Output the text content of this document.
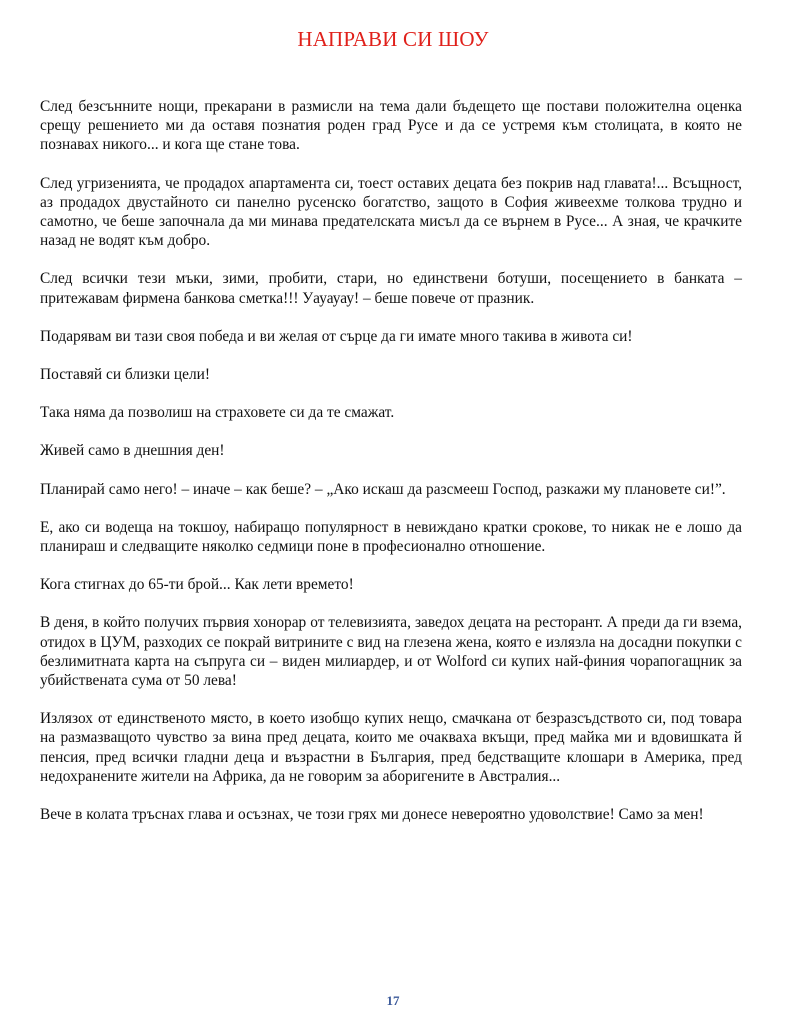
НАПРАВИ СИ ШОУ

След безсънните нощи, прекарани в размисли на тема дали бъдещето ще постави положителна оценка срещу решението ми да оставя познатия роден град Русе и да се устремя към столицата, в която не познавах никого... и кога ще стане това.

След угризенията, че продадох апартамента си, тоест оставих децата без покрив над главата!... Всъщност, аз продадох двустайното си панелно русенско богатство, защото в София живеехме толкова трудно и самотно, че беше започнала да ми минава предателската мисъл да се върнем в Русе... А зная, че крачките назад не водят към добро.

След всички тези мъки, зими, пробити, стари, но единствени ботуши, посещението в банката – притежавам фирмена банкова сметка!!! Уауауау! – беше повече от празник.

Подарявам ви тази своя победа и ви желая от сърце да ги имате много такива в живота си!

Поставяй си близки цели!

Така няма да позволиш на страховете си да те смажат.

Живей само в днешния ден!

Планирай само него! – иначе – как беше? – „Ако искаш да разсмееш Господ, разкажи му плановете си!”.

Е, ако си водеща на токшоу, набиращо популярност в невиждано кратки срокове, то никак не е лошо да планираш и следващите няколко седмици поне в професионално отношение.

Кога стигнах до 65-ти брой... Как лети времето!

В деня, в който получих първия хонорар от телевизията, заведох децата на ресторант. А преди да ги взема, отидох в ЦУМ, разходих се покрай витрините с вид на глезена жена, която е излязла на досадни покупки с безлимитната карта на съпруга си – виден милиардер, и от Wolford си купих най-финия чорапогащник за убийствената сума от 50 лева!

Излязох от единственото място, в което изобщо купих нещо, смачкана от безразсъдството си, под товара на размазващото чувство за вина пред децата, които ме очакваха вкъщи, пред майка ми и вдовишката й пенсия, пред всички гладни деца и възрастни в България, пред бедстващите клошари в Америка, пред недохранените жители на Африка, да не говорим за аборигените в Австралия...

Вече в колата тръснах глава и осъзнах, че този грях ми донесе невероятно удоволствие! Само за мен!

17
